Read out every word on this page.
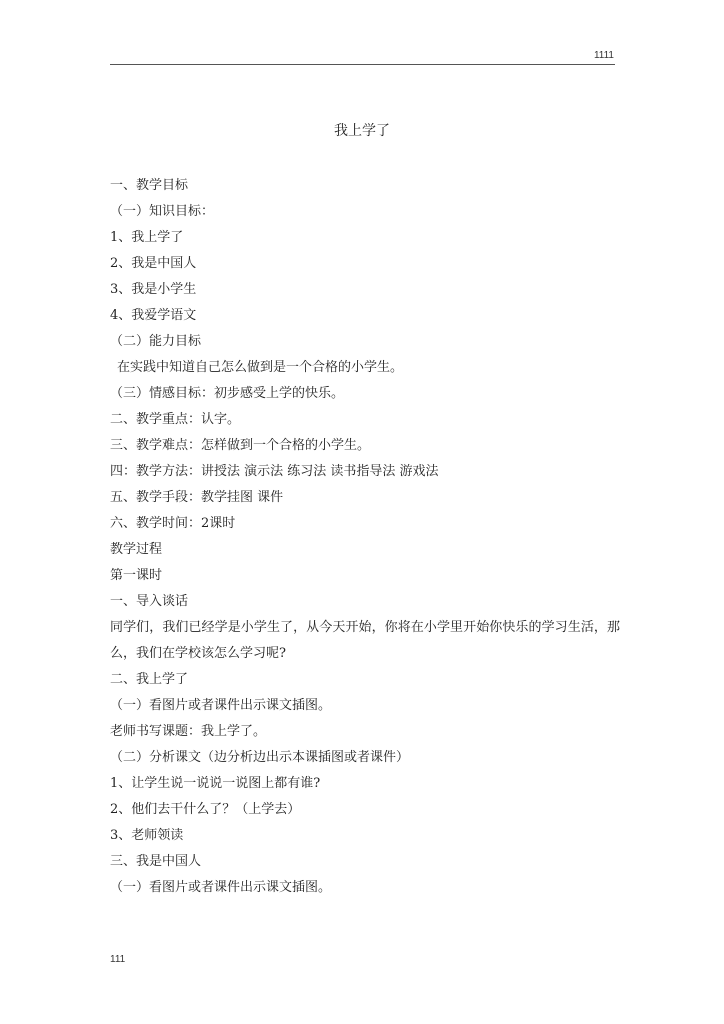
1111
我上学了
一、教学目标
（一）知识目标：
1、我上学了
2、我是中国人
3、我是小学生
4、我爱学语文
（二）能力目标
在实践中知道自己怎么做到是一个合格的小学生。
（三）情感目标：初步感受上学的快乐。
二、教学重点：认字。
三、教学难点：怎样做到一个合格的小学生。
四：教学方法：讲授法 演示法 练习法 读书指导法 游戏法
五、教学手段：教学挂图 课件
六、教学时间：2课时
教学过程
第一课时
一、导入谈话
同学们，我们已经学是小学生了，从今天开始，你将在小学里开始你快乐的学习生活，那么，我们在学校该怎么学习呢?
二、我上学了
（一）看图片或者课件出示课文插图。
老师书写课题：我上学了。
（二）分析课文（边分析边出示本课插图或者课件）
1、让学生说一说说一说图上都有谁?
2、他们去干什么了？（上学去）
3、老师领读
三、我是中国人
（一）看图片或者课件出示课文插图。
111
